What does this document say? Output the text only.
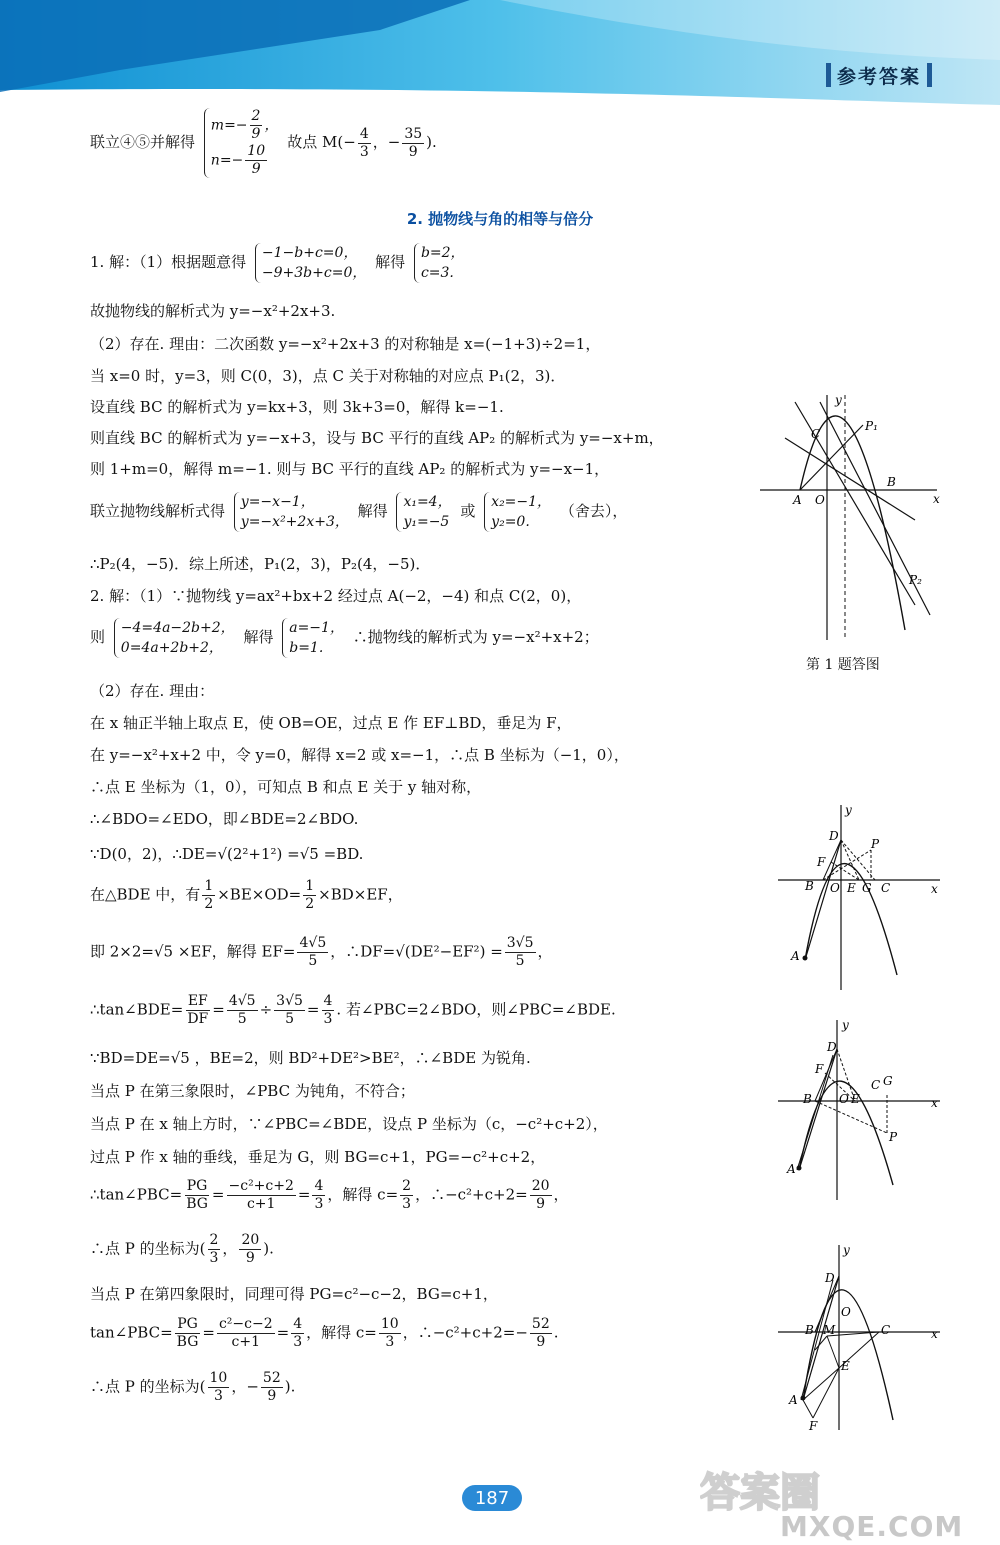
参考答案
联立④⑤并解得
$m=- \frac{2}{9}$ ，
$n=- \frac{10}{9}$
故点 $M(- \frac{4}{3}$ ，− $\frac{35}{9}$ ).
2. 抛物线与角的相等与倍分
1. 解：（1）根据题意得 −1−b+c=0，
−9+3b+c=0，
解得 b=2，
c=3.
故抛物线的解析式为 y=−x²+2x+3.
（2）存在. 理由：二次函数 y=−x²+2x+3 的对称轴是 x=(−1+3)÷2=1，
当 x=0 时，y=3，则 C(0，3)，点 C 关于对称轴的对应点 P₁(2，3)．
设直线 BC 的解析式为 y=kx+3，则 3k+3=0，解得 k=−1.
则直线 BC 的解析式为 y=−x+3，设与 BC 平行的直线 AP₂ 的解析式为 y=−x+m，
则 1+m=0，解得 m=−1. 则与 BC 平行的直线 AP₂ 的解析式为 y=−x−1，
联立抛物线解析式得 y=−x−1，
y=−x²+2x+3，
解得 x₁=4，
y₁=−5
或 x₂=−1，
y₂=0.
（舍去），
∴P₂(4，−5)．综上所述，P₁(2，3)，P₂(4，−5)．
2. 解：（1）∵抛物线 y=ax²+bx+2 经过点 A(−2，−4) 和点 C(2，0)，
则 −4=4a−2b+2，
0=4a+2b+2，
解得 a=−1，
b=1.
∴抛物线的解析式为 y=−x²+x+2；
（2）存在. 理由：
在 x 轴正半轴上取点 E，使 OB=OE，过点 E 作 EF⊥BD，垂足为 F，
在 y=−x²+x+2 中，令 y=0，解得 x=2 或 x=−1，∴点 B 坐标为（−1，0），
∴点 E 坐标为（1，0），可知点 B 和点 E 关于 y 轴对称，
∴∠BDO=∠EDO，即∠BDE=2∠BDO.
∵D(0，2)，∴DE=√(2²+1²) =√5 =BD.
在△BDE 中，有 $\frac{1}{2} \times BE\times OD= \frac{1}{2} \times BD\times EF$，
即 2×2=√5 ×EF，解得 $EF= \frac{4√5}{5}$ ，∴DF=√(DE²−EF²) = $\frac{3√5}{5}$ ，
∴tan∠BDE= $\frac{EF}{DF} = \frac{4√5}{5} \div \frac{3√5}{5} = \frac{4}{3}$ . 若∠PBC=2∠BDO，则∠PBC=∠BDE.
∵BD=DE=√5 ，BE=2，则 BD²+DE²>BE²，∴∠BDE 为锐角.
当点 P 在第三象限时，∠PBC 为钝角，不符合；
当点 P 在 x 轴上方时，∵∠PBC=∠BDE，设点 P 坐标为（c，−c²+c+2），
过点 P 作 x 轴的垂线，垂足为 G，则 BG=c+1，PG=−c²+c+2，
∴tan∠PBC= $\frac{PG}{BG} = \frac{\text{−c²+c+2}}{c+1} = \frac{4}{3}$ ，解得 $c= \frac{2}{3}$ ，∴−c²+c+2= $\frac{20}{9}$ ，
∴点 P 的坐标为( $\frac{2}{3}$ ， $\frac{20}{9}$ ).
当点 P 在第四象限时，同理可得 PG=c²−c−2，BG=c+1，
tan∠PBC= $\frac{PG}{BG} = \frac{\text{c²−c−2}}{c+1} = \frac{4}{3}$ ，解得 $c= \frac{10}{3}$ ，∴−c²+c+2=− $\frac{52}{9}$ .
∴点 P 的坐标为( $\frac{10}{3}$ ，− $\frac{52}{9}$ ).
y
x
C
P₁
A O
B
P₂
第 1 题答图
y
x
D
P
F
B O E G C
A
y
x
D
F
B O E
C G
P
A
y
x
D
O
B M	C
E
A
F
187	答案圈
MXQE.COM
